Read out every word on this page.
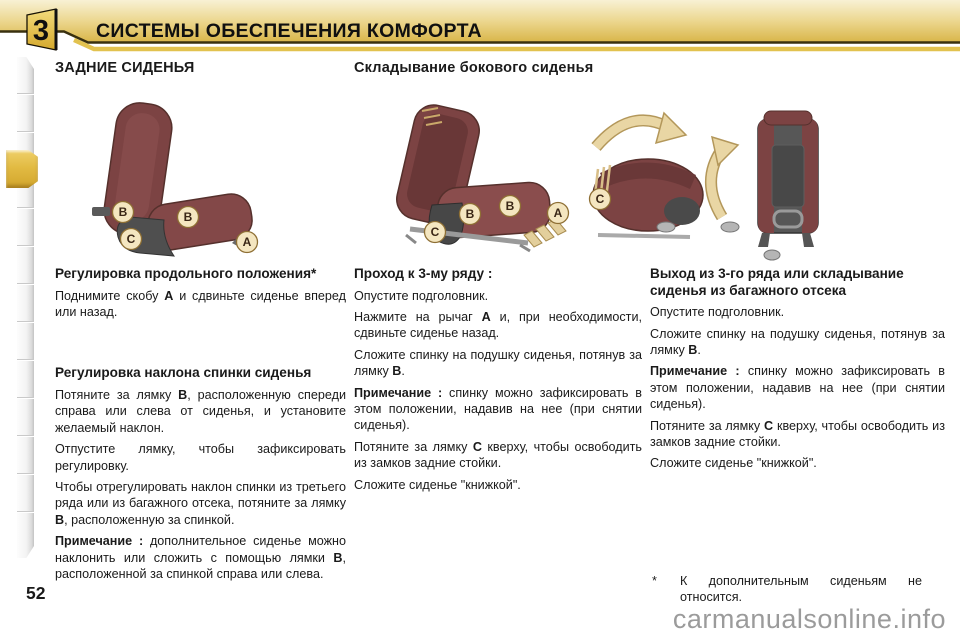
3 СИСТЕМЫ ОБЕСПЕЧЕНИЯ КОМФОРТА
ЗАДНИЕ СИДЕНЬЯ	Складывание бокового сиденья
B
C
B
A
C
B
B	A
C
Регулировка продольного положения*

Поднимите скобу А и сдвиньте сиденье вперед или назад.

Регулировка наклона спинки сиденья

Потяните за лямку В, расположенную спереди справа или слева от сиденья, и установите желаемый наклон.

Отпустите лямку, чтобы зафиксировать регулировку.

Чтобы отрегулировать наклон спинки из третьего ряда или из багажного отсека, потяните за лямку В, расположенную за спинкой.

Примечание : дополнительное сиденье можно наклонить или сложить с помощью лямки В, расположенной за спинкой справа или слева.

Проход к 3-му ряду :

Опустите подголовник.

Нажмите на рычаг А и, при необходимости, сдвиньте сиденье назад.

Сложите спинку на подушку сиденья, потянув за лямку В.

Примечание : спинку можно зафиксировать в этом положении, надавив на нее (при снятии сиденья).

Потяните за лямку С кверху, чтобы освободить из замков задние стойки.

Сложите сиденье "книжкой".

Выход из 3-го ряда или складывание сиденья из багажного отсека

Опустите подголовник.

Сложите спинку на подушку сиденья, потянув за лямку В.

Примечание : спинку можно зафиксировать в этом положении, надавив на нее (при снятии сиденья).

Потяните за лямку С кверху, чтобы освободить из замков задние стойки.

Сложите сиденье "книжкой".

* К дополнительным сиденьям не относится.
52
carmanualsonline.info
